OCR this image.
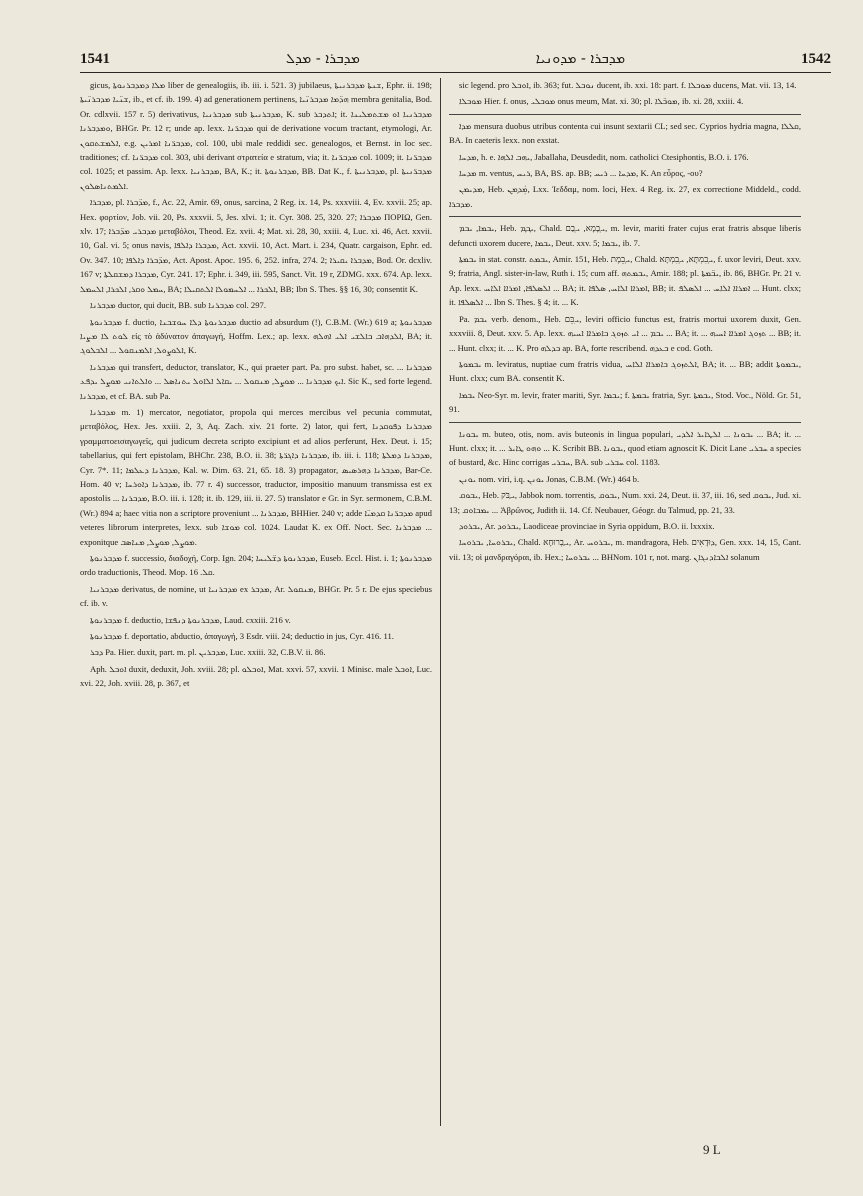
1541	ܡܕܒܪܐ - ܡܕܠ	ܡܕܒܪܐ - ܡܕܘܢܝܐ	1542

gicus, ܡܠܐ ܕܡܕܒܪܢܘܬܐ liber de genealogiis, ib. iii. i. 521. 3) jubilaeus, ܫܢܬܐ ܡܕܒܪܢܝܬܐ, Ephr. ii. 198; ܫܢ̈ܝܐ ܡܕܒܪܢ̈ܝܬܐ, ib., et cf. ib. 199. 4) ad generationem pertinens, ܗܕ̈ܡܐ ܡܕܒܪܢ̈ܝܐ membra genitalia, Bod. Or. cdlxvii. 157 r. 5) derivativus, ܡܕܒܪܢܝܐ sub ܡܕܒܪܢܝܬܐ, K. sub ܐܬܕܒܪ; it. ܡܕܒܪܢܝܐ ܐܘ ܡܫܬܡܠܝܢܐ ܘܡܕܒܪܢܐ, BHGr. Pr. 12 r; unde ap. lexx. ܡܕܒܪ̈ܢܐ qui de derivatione vocum tractant, etymologi, Ar. ܐܠܡܫܬܩܘܢ, e.g. ܡܕܒܪ̈ܢܐ ܐܡܪܝܢ, col. 100, ubi male reddidi sec. genealogos, et Bernst. in loc sec. traditiones; cf. ܡܕܒܪ̈ܢܐ col. 303, ubi derivant στρατεία e stratum, via; it. ܡܕܒܪ̈ܢܐ col. 1009; it. ܡܕܒܪ̈ܢܐ col. 1025; et passim. Ap. lexx. ܡܕܒܪܢܝܐ, BA, K.; it. ܡܕܒܪܢܘܬܐ, BB. Dat K., f. ܡܕܒܪܢܝܬܐ, pl. ܡܕܒܪ̈ܢܝܬܐ ܐܠܡܬܢܐܣܠܘܢ.

ܡܕܒܪܐ, pl. ܡܕ̈ܒܪܐ, f., Ac. 22, Amir. 69, onus, sarcina, 2 Reg. ix. 14, Ps. xxxviii. 4, Ev. xxvii. 25; ap. Hex. φορτίον, Job. vii. 20, Ps. xxxvii. 5, Jes. xlvi. 1; it. Cyr. 308. 25, 320. 27; ܡܕܒܪܐ ΠΟΡΙΩ, Gen. xlv. 17; ܡܕܒܪܝ ܡܕ̈ܒܪܐ μεταβόλοι, Theod. Ez. xvii. 4; Mat. xi. 28, 30, xxiii. 4, Luc. xi. 46, Act. xxvii. 10, Gal. vi. 5; onus navis, ܡܕܒܪܐ ܕܐܠܦܐ, Act. xxvii. 10, Act. Mart. i. 234, Quatr. cargaison, Ephr. ed. Ov. 347. 10; ܡܕ̈ܒܪܐ ܕܐܠܦܐ, Act. Apost. Apoc. 195. 6, 252. infra, 274. 2; ܡܕܒܪܐ ܝܩܝܪܐ, Bod. Or. dcxliv. 167 v; ܡܕܒܪܐ ܕܡܫܩܠܬܐ, Cyr. 241. 17; Ephr. i. 349, iii. 595, Sanct. Vit. 19 r, ZDMG. xxx. 674. Ap. lexx. ܚܡܠ ܘܩܪ, ܐܠܟܪܐ, ܐܠܚܡܠ, BA; ܐܠܟܪܐ ... ܐܠܚܡܘܠܐ ܐܠܬܩܝܠܐ, BB; Ibn S. Thes. §§ 16, 30; consentit K.

ܡܕܒܪܢܐ ductor, qui ducit, BB. sub ܡܕܒܪܢܐ col. 297.

ܡܕܒܪܢܘܬܐ f. ductio, ܡܕܒܪܢܘܬܐ ܕܠܐ ܚܘܫܒܢܐ ductio ad absurdum (!), C.B.M. (Wr.) 619 a; ܡܕܒܪܢܘܬܐ ܠܘܬ ܠܐ ܡܨܝܐ εἰς τὸ ἀδύνατον ἀπαγωγή, Hoffm. Lex.; ap. lexx. ܐܠܕܗܐܒ ܒܐܠܫܝ ܐܠܝ ܐܗܠܗ, BA; it. ܐܠܘܨܘܠ, ܐܠܡܢܩܘܠ ... ܐܠܒܠܘܓ, K.

ܡܕܒܪܢܐ qui transfert, deductor, translator, K., qui praeter part. Pa. pro subst. habet, sc. ܡܕܒܪܢܐ ... ܐܝܟ ܡܕܒܪܢܐ ... ܡܘܨܠ, ܡܢܩܘܠ ... ܝܩܐܠ ܐܠܐܘܠ ܝܬܢܐܣܠ ... ܘܐܠܬܐܢܝ ܡܘܨܠ ܝܕܦܥ. Sic K., sed forte legend. ܡܕܒܪܢܐ, et cf. BA. sub Pa.

ܡܕܒܪܢܐ m. 1) mercator, negotiator, propola qui merces mercibus vel pecunia commutat, μεταβόλος, Hex. Jes. xxiii. 2, 3, Aq. Zach. xiv. 21 forte. 2) lator, qui fert, ܡܕܒܪܢܐ ܕܦܘܩܕܢܐ γραμματοεισαγωγεῖς, qui judicum decreta scripto excipiunt et ad alios perferunt, Hex. Deut. i. 15; tabellarius, qui fert epistolam, BHChr. 238, B.O. ii. 38; ܡܕܒܪܢܐ ܕܐܓܪ̈ܬܐ, ib. iii. i. 118; ܡܕܒܪܢܐ ܕܡܠܬܐ, Cyr. 7*. 11; ܡܕܒܪܢܐ ܕܥܠܡܐ, Kal. w. Dim. 63. 21, 65. 18. 3) propagator, ܡܕܒܪܢܐ ܕܗܪܣܝܣ, Bar-Ce. Hom. 40 v; ܡܕܒܪܢܐ ܕܐܘܪܚܐ, ib. 77 r. 4) successor, traductor, impositio manuum transmissa est ex apostolis ... ܡܕܒܪܢܐ, B.O. iii. i. 128; it. ib. 129, iii. ii. 27. 5) translator e Gr. in Syr. sermonem, C.B.M. (Wr.) 894 a; haec vitia non a scriptore proveniunt ... ܡܕܒܪܢܐ, BHHier. 240 v; adde ܡܕܒܪ̈ܢܐ ܩܕܡܝ̈ܐ apud veteres librorum interpretes, lexx. sub ܡܘܫܐ col. 1024. Laudat K. ex Off. Noct. Sec. ܡܕܒܪܢܐ ... exponitque ܡܘܨܠ, ܡܘܨܠ, ܡܢܐܣܒ.

ܡܕܒܪܢܘܬܐ f. successio, διαδοχή, Corp. Ign. 204; ܡܕܒܪܢܘܬܐ ܕܫ̈ܠܝܚܐ, Euseb. Eccl. Hist. i. 1; ܡܕܒܪܢܘܬܐ ordo traductionis, Theod. Mop. ܩܠ. 16.

ܡܕܒܪܢܝܐ derivatus, de nomine, ut ܡܕܒܪܢܝܐ ex ܡܕܒܪ, Ar. ܡܢܩܘܠ, BHGr. Pr. 5 r. De ejus speciebus cf. ib. v.

ܡܕܒܪܢܘܬܐ f. deductio, ܡܕܒܪܢܘܬܐ ܕܢܦܫܐ, Laud. cxxiii. 216 v.

ܡܕܒܪܢܘܬܐ f. deportatio, abductio, ἀπαγωγή, 3 Esdr. viii. 24; deductio in jus, Cyr. 416. 11.

ܕܒܪ Pa. Hier. duxit, part. m. pl. ܡܕܒܪܝܢ, Luc. xxiii. 32, C.B.V. ii. 86.

Aph. ܐܘܒܠ duxit, deduxit, Joh. xviii. 28; pl. ܐܘܒܠܘ, Mat. xxvi. 57, xxvii. 1 Minisc. male ܐܘܒܠ, Luc. xvi. 22, Joh. xviii. 28, p. 367, et

sic legend. pro ܐܘܒܠ, ib. 363; fut. ܢܘܒܠ ducent, ib. xxi. 18: part. f. ܡܘܒܠܐ ducens, Mat. vii. 13, 14.

ܡܘܒܠܐ Hier. f. onus, ܡܘܒܠܝ onus meum, Mat. xi. 30; pl. ܡܘܒ̈ܠܐ, ib. xi. 28, xxiii. 4.

ܡܕܐ mensura duobus utribus contenta cui insunt sextarii CL; sed sec. Cyprios hydria magna, ܩܠܠܐ, BA. In caeteris lexx. non exstat.

ܡܕܚܐ, h. e. ܝܗܒ ܐܠܗܐ, Jaballaha, Deusdedit, nom. catholici Ctesiphontis, B.O. i. 176.

ܡܕܚܐ m. ventus, ܪܝܚ, BA, BS. ap. BB; ܡܕܚܐ ... ܪܝܚ, K. An εὖρος, -ου?

ܡܕܝܡܢ, Heb. ܡܲܕְܡֵܢ, Lxx. Ἰεδδαμ, nom. loci, Hex. 4 Reg. ix. 27, ex correctione Middeld., codd. ܡܕܒܪܐ.

ܝܒܡܐ, ܝܒܡ, Heb. ܝָܒָܡ, Chald. ܝְבָמָא, ܝְבַם, m. levir, mariti frater cujus erat fratris absque liberis defuncti uxorem ducere, ܝܒܡܐ, Deut. xxv. 5; ܝܒܡܐ, ib. 7.

ܝܒܡܬܐ in stat. constr. ܝܒܡܬ, Amir. 151, Heb. ܝְבֵמֶת, Chald. ܝְבִמְתָּא, ܝְבִמְתָּא, f. uxor leviri, Deut. xxv. 9; fratria, Angl. sister-in-law, Ruth i. 15; cum aff. ܝܒܡܬܗ, Amir. 188; pl. ܝܒ̈ܡܬܐ, ib. 86, BHGr. Pr. 21 v. Ap. lexx. ܐܠܣܠܦܐ, ܐܡܪܐܐ ܐܠܐܚ ... BA; it. ܐܡܪܐܐ ܐܠܐܚ, ܣܠܦܐ, BB; it. ܐܡܪܐܐ ܐܠܐܚ ... ܐܠܣܠܦ ... Hunt. clxx; it. ܐܠܣܠܦܐ ... Ibn S. Thes. § 4; it. ... K.

Pa. ܝܒܡ verb. denom., Heb. ܝִבֵּם, leviri officio functus est, fratris mortui uxorem duxit, Gen. xxxviii. 8, Deut. xxv. 5. Ap. lexx. ܝܒܡ ... ܐܝ ܬܙܘܓ ܒܐܡܪܐܐ ܐܚܝܗ ... BA; it. ... ܬܙܘܓ ܐܡܪܐܐ ܐܚܝܗ ... BB; it. ... Hunt. clxx; it. ... K. Pro ܒܕܠܗ ap. BA, forte rescribend. ܒܥܕܗ e cod. Goth.

ܝܒܡܘܬܐ m. leviratus, nuptiae cum fratris vidua, ܐܠܬܙܘܓ ܒܐܡܪܐܐ ܐܠܐܚ, BA; it. ... BB; addit ܝܒܡܘܬܐ, Hunt. clxx; cum BA. consentit K.

ܝܒܡܐ Neo-Syr. m. levir, frater mariti, Syr. ܝܒܡܐ; f. ܝܒܡܬܐ fratria, Syr. ܝܒܡܬܐ, Stod. Voc., Nöld. Gr. 51, 91.

ܝܒܘܢܐ m. buteo, otis, nom. avis buteonis in lingua populari, ܝܒܘܢܐ ... ܐܠܛܐܝܪ ܐܠܕܝ ... BA; it. ... Hunt. clxx; it. ... ܘܗܘ ܛܐܝܪ ... K. Scribit BB. ܝܒܘܢܐ, quod etiam agnoscit K. Dicit Lane ܚܒܪܝ a species of bustard, &c. Hinc corrigas ܚܒܪܝ, BA. sub ܚܒܪܝ col. 1183.

ܝܘܢܢ nom. viri, i.q. ܝܘܢܢ Jonas, C.B.M. (Wr.) 464 b.

ܝܒܘܩ, Heb. ܝַבֹּק, Jabbok nom. torrentis, ܝܒܘܩ, Num. xxi. 24, Deut. ii. 37, iii. 16, sed ܝܒܘܩ, Jud. xi. 13; ܝܡܒܐܘܩ ... Ἀβρῶνος, Judith ii. 14. Cf. Neubauer, Géogr. du Talmud, pp. 21, 33.

ܝܒܪܘܕ, Ar. ܝܒܪܘܕ, Laodiceae provinciae in Syria oppidum, B.O. ii. lxxxix.

ܝܒܪܘܚܐ, ܝܒܪܘܚܐ, Chald. ܝַבְרוּחָא, Ar. ܝܒܪܘܚ, m. mandragora, Heb. ܕּוּדָאִים, Gen. xxx. 14, 15, Cant. vii. 13; οἱ μανδραγόραι, ib. Hex.; ܝܒܪܘܚܐ ... BHNom. 101 r, not. marg. ܐܠܒܐܕܢܓܐܢ solanum

9 L
